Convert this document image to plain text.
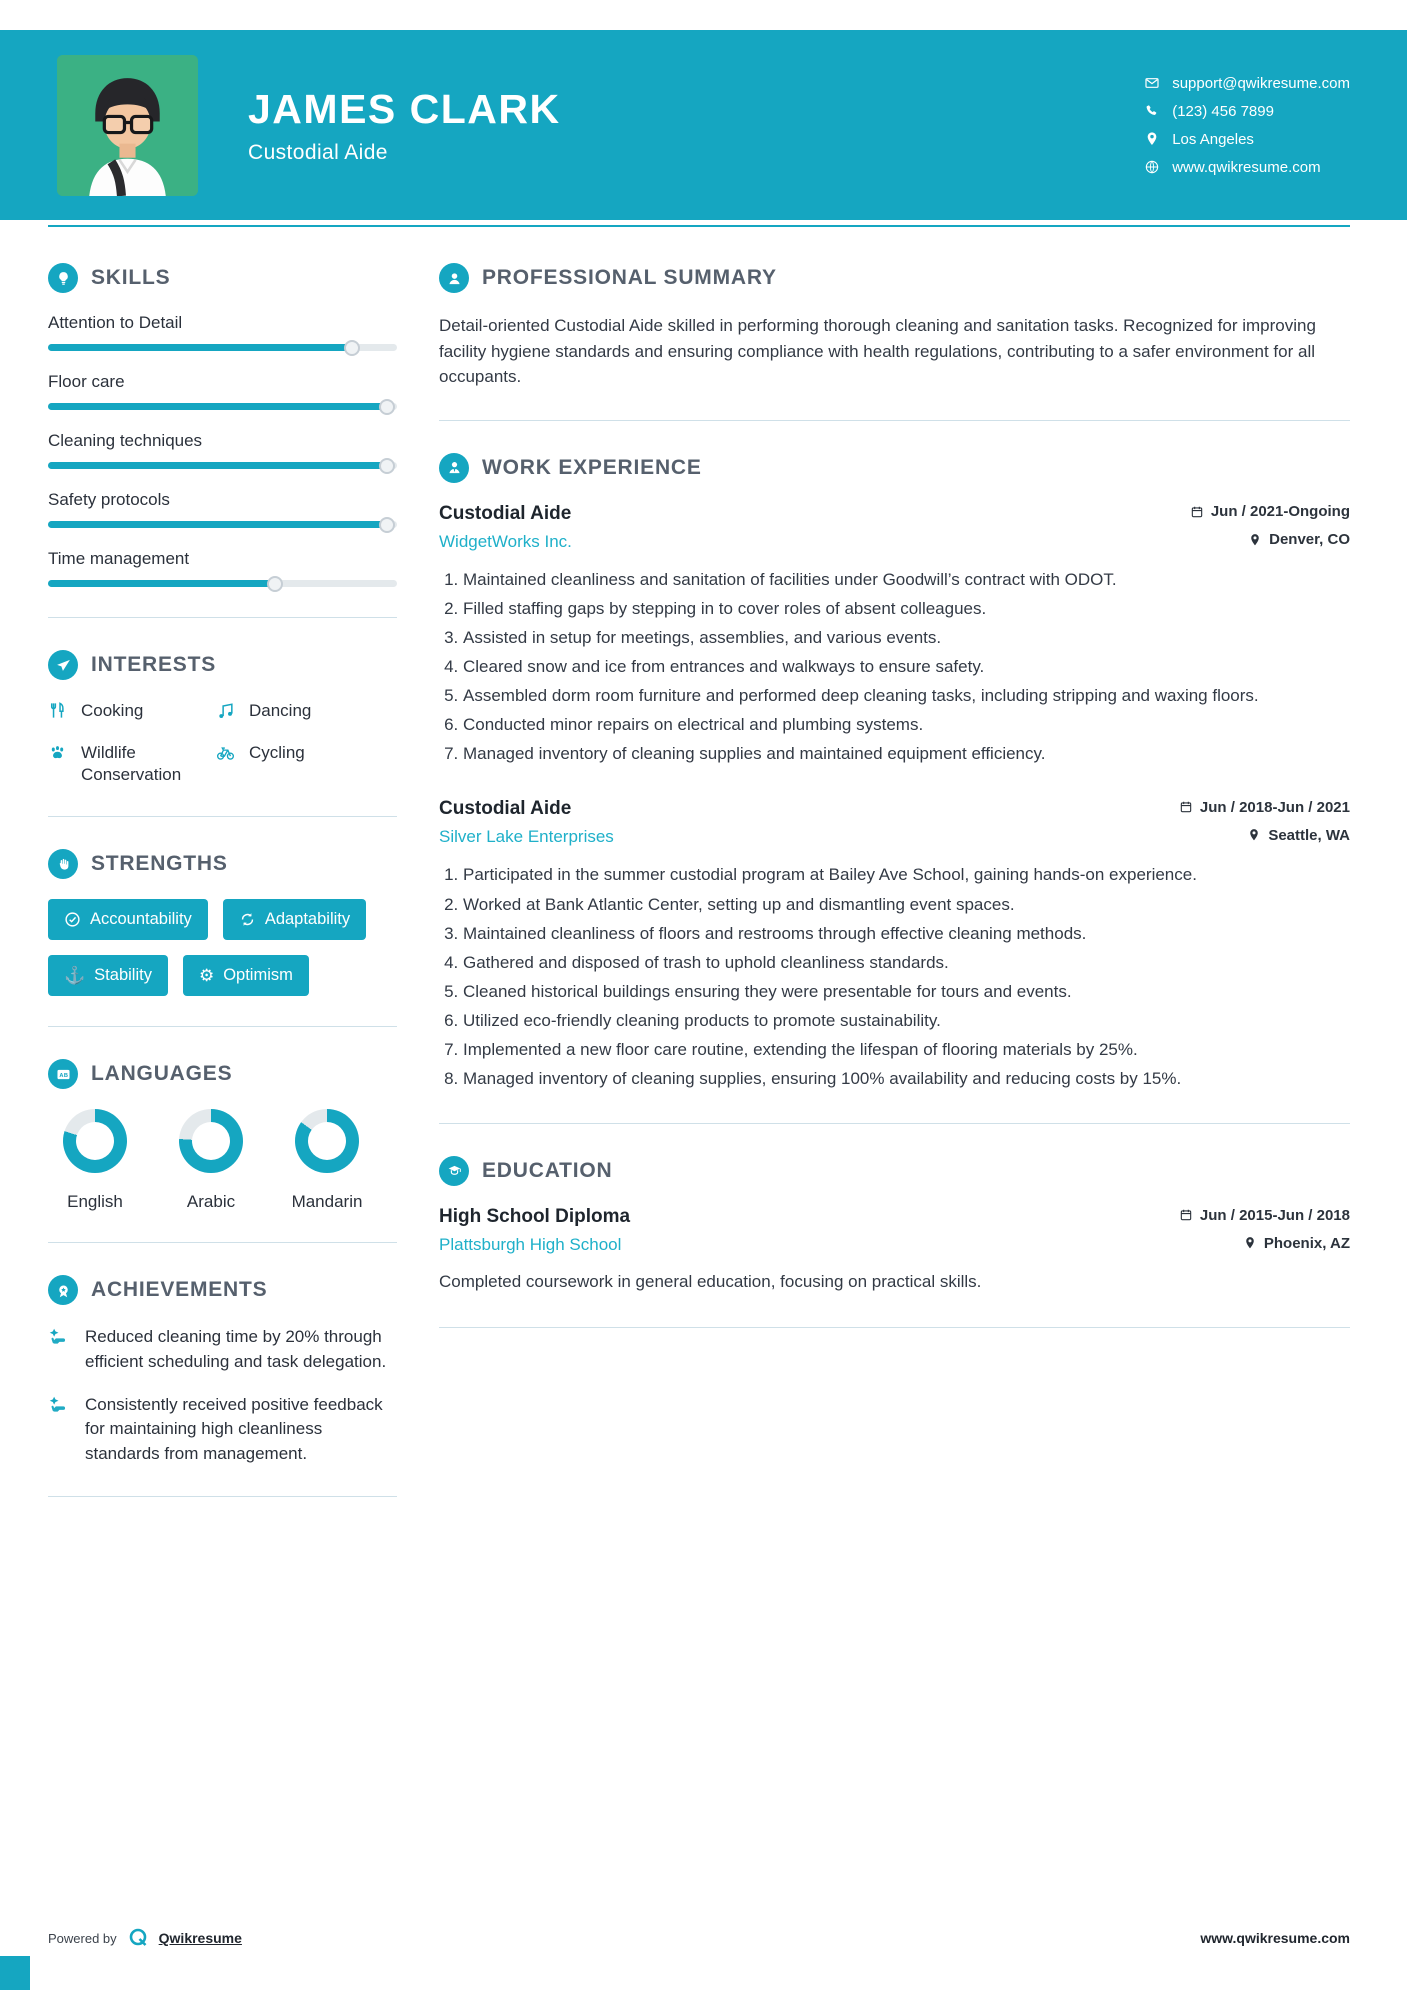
JAMES CLARK
Custodial Aide
support@qwikresume.com
(123) 456 7899
Los Angeles
www.qwikresume.com
SKILLS
Attention to Detail
Floor care
Cleaning techniques
Safety protocols
Time management
INTERESTS
Cooking	Dancing
Wildlife Conservation
Cycling
STRENGTHS
Accountability	Adaptability
⚓ Stability	⚙ Optimism
A B LANGUAGES
English	Arabic	Mandarin
ACHIEVEMENTS
Reduced cleaning time by 20% through efficient scheduling and task delegation.
Consistently received positive feedback for maintaining high cleanliness standards from management.
PROFESSIONAL SUMMARY

Detail-oriented Custodial Aide skilled in performing thorough cleaning and sanitation tasks. Recognized for improving facility hygiene standards and ensuring compliance with health regulations, contributing to a safer environment for all occupants.

WORK EXPERIENCE
Custodial Aide	Jun / 2021-Ongoing
WidgetWorks Inc.	Denver, CO
1. Maintained cleanliness and sanitation of facilities under Goodwill’s contract with ODOT.
2. Filled staffing gaps by stepping in to cover roles of absent colleagues.
3. Assisted in setup for meetings, assemblies, and various events.
4. Cleared snow and ice from entrances and walkways to ensure safety.
5. Assembled dorm room furniture and performed deep cleaning tasks, including stripping and waxing floors.
6. Conducted minor repairs on electrical and plumbing systems.
7. Managed inventory of cleaning supplies and maintained equipment efficiency.
Custodial Aide	Jun / 2018-Jun / 2021
Silver Lake Enterprises	Seattle, WA
1. Participated in the summer custodial program at Bailey Ave School, gaining hands-on experience.
2. Worked at Bank Atlantic Center, setting up and dismantling event spaces.
3. Maintained cleanliness of floors and restrooms through effective cleaning methods.
4. Gathered and disposed of trash to uphold cleanliness standards.
5. Cleaned historical buildings ensuring they were presentable for tours and events.
6. Utilized eco-friendly cleaning products to promote sustainability.
7. Implemented a new floor care routine, extending the lifespan of flooring materials by 25%.
8. Managed inventory of cleaning supplies, ensuring 100% availability and reducing costs by 15%.
EDUCATION
High School Diploma	Jun / 2015-Jun / 2018
Plattsburgh High School	Phoenix, AZ

Completed coursework in general education, focusing on practical skills.

Powered by	Qwikresume	www.qwikresume.com
